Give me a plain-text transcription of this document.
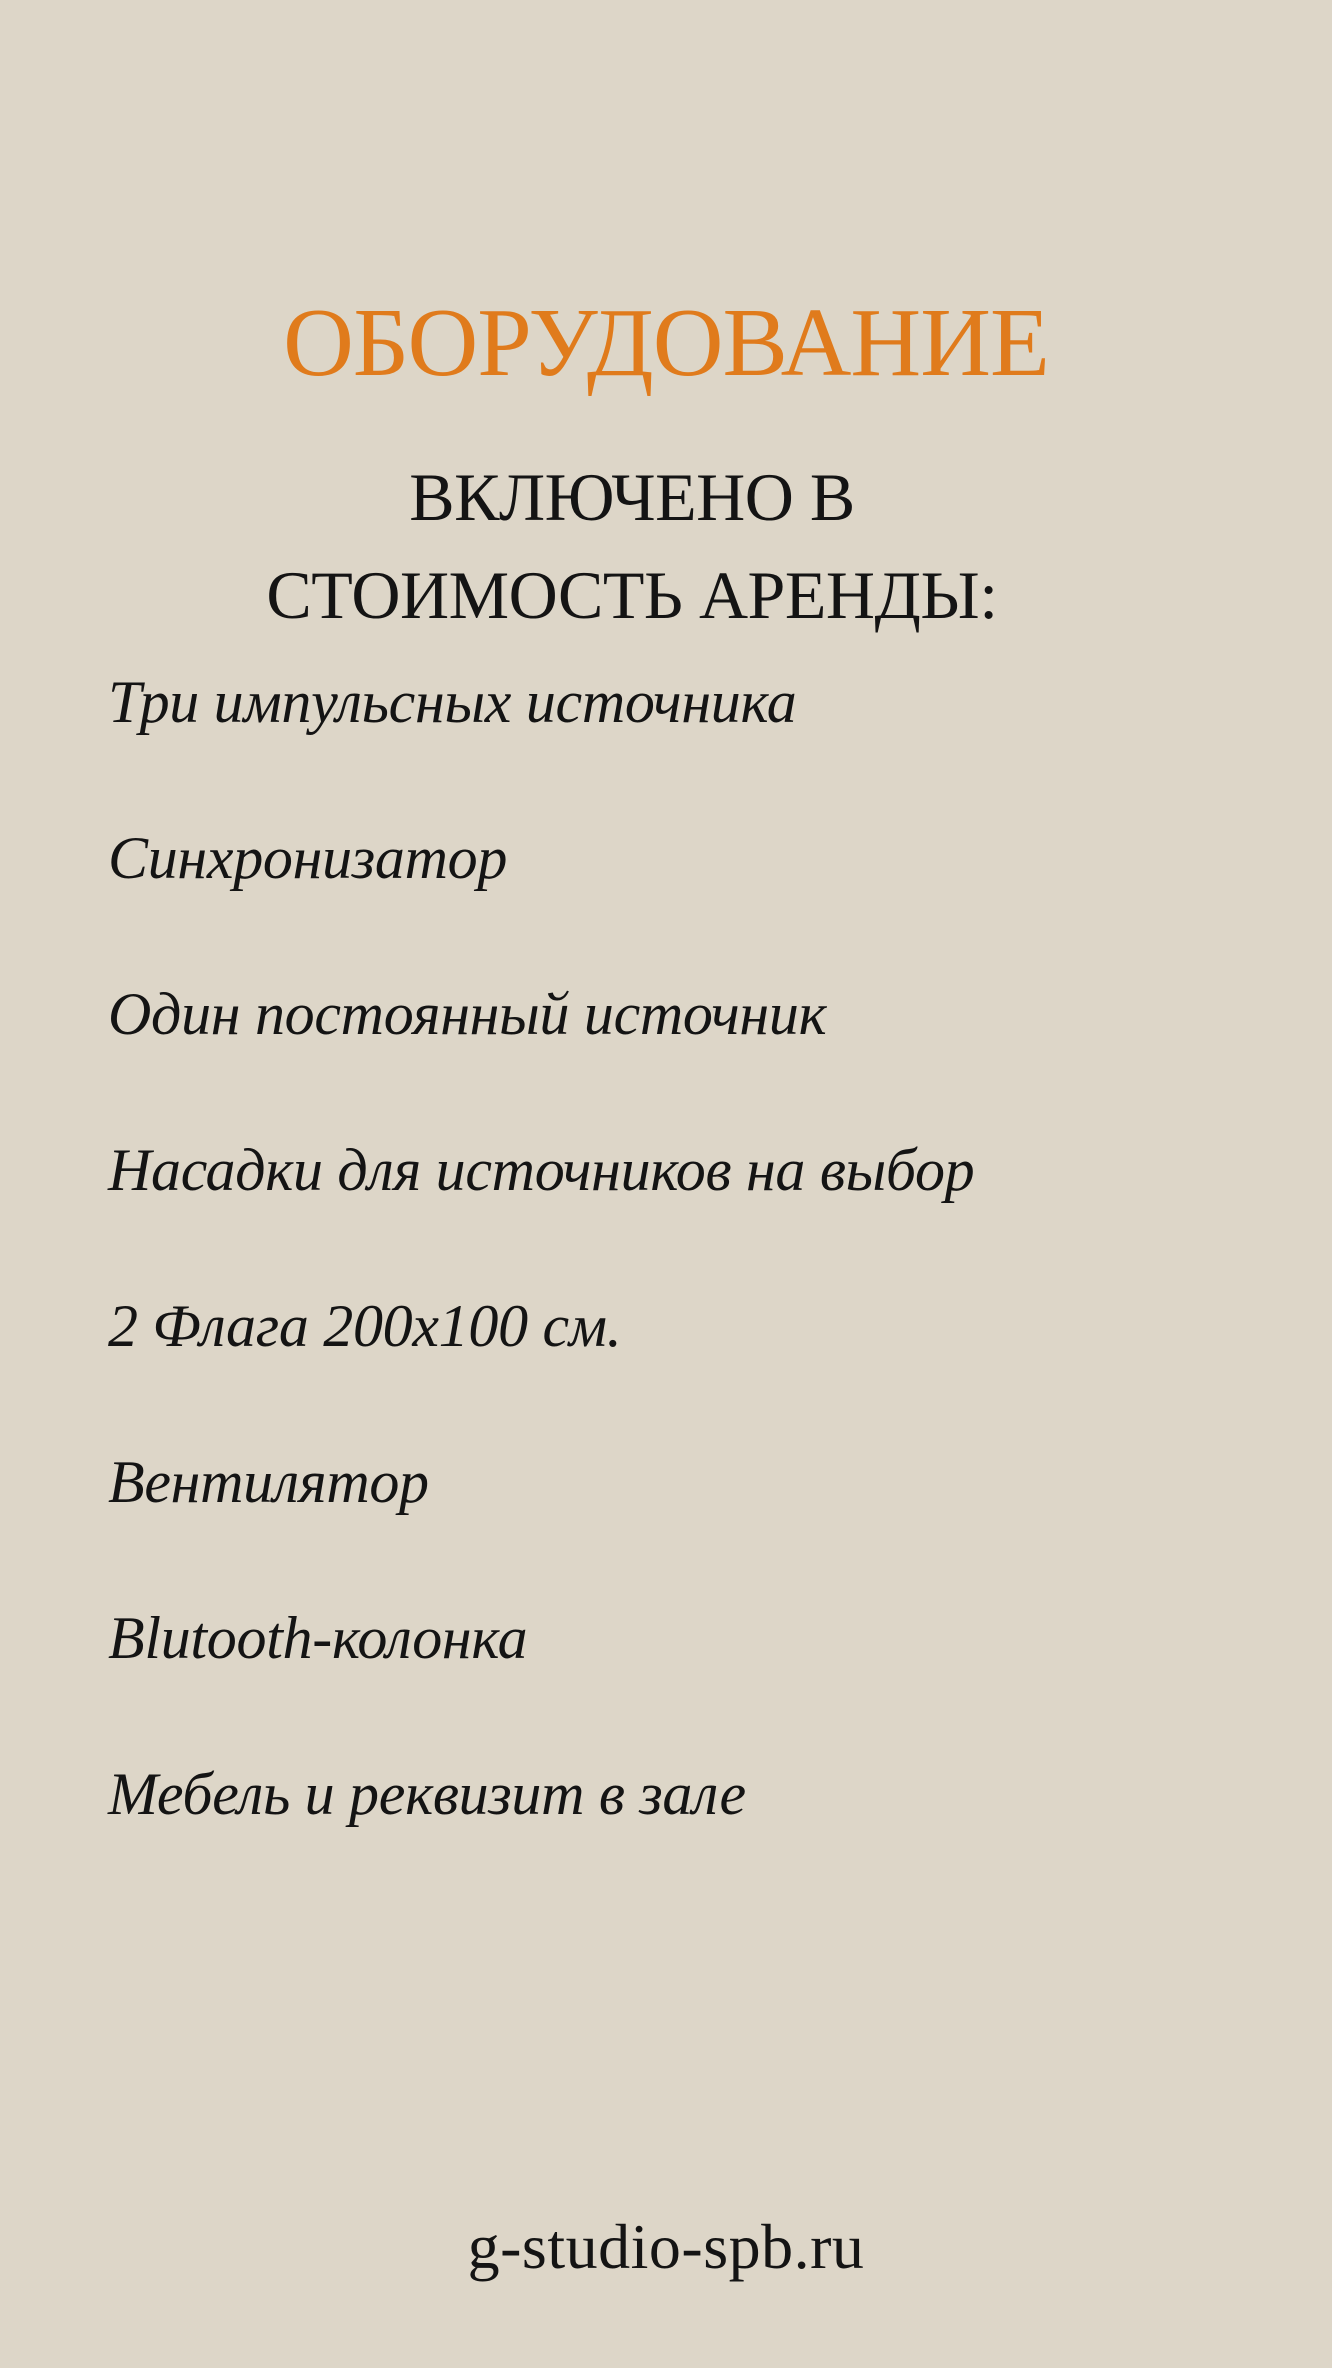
ОБОРУДОВАНИЕ
ВКЛЮЧЕНО В
СТОИМОСТЬ АРЕНДЫ:
Три импульсных источника
Синхронизатор
Один постоянный источник
Насадки для источников на выбор
2 Флага 200х100 см.
Вентилятор
Blutooth-колонка
Мебель и реквизит в зале
g-studio-spb.ru
